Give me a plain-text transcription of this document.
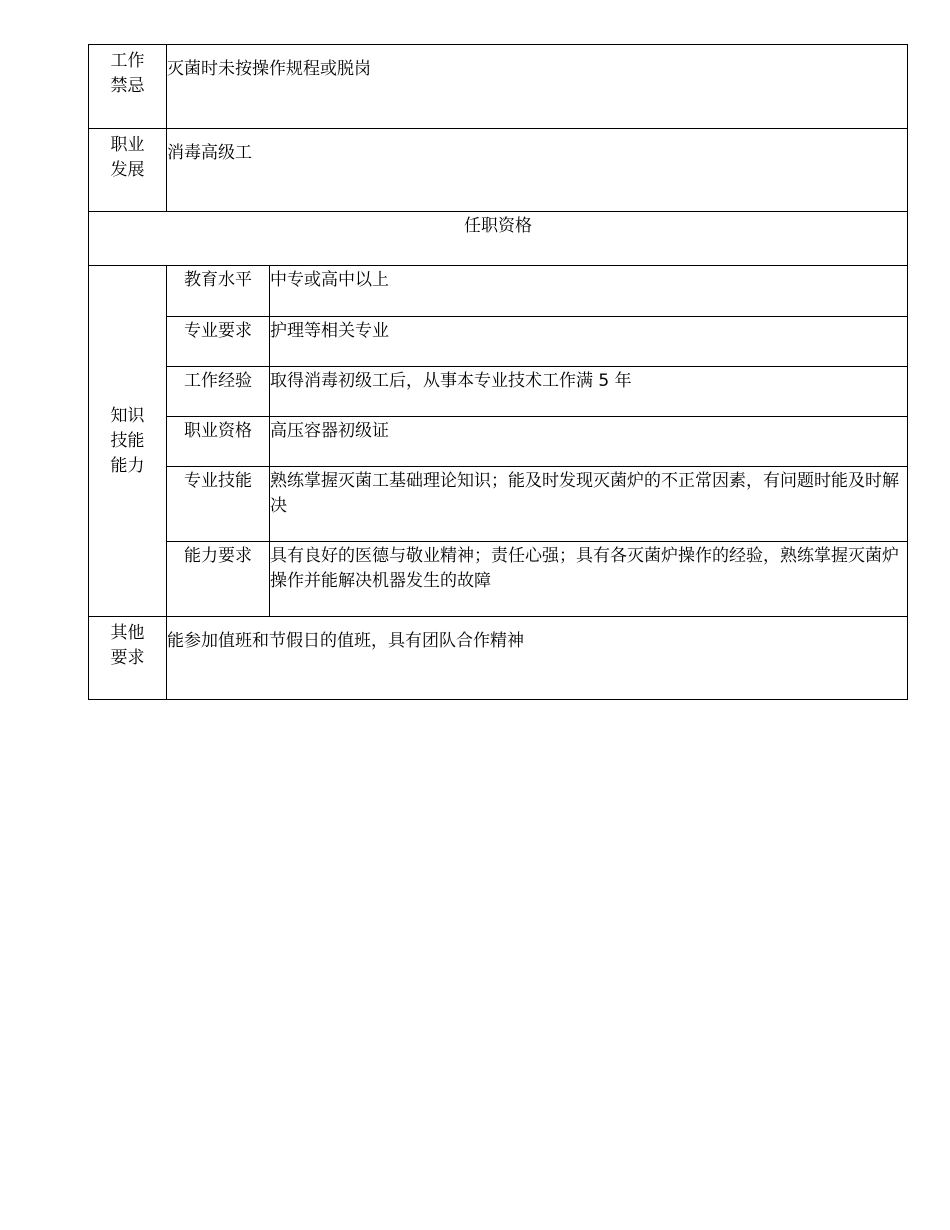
工作
禁忌	灭菌时未按操作规程或脱岗	

职业
发展	消毒高级工	
任职资格		

知识
技能
能力	教育水平	中专或高中以上
	专业要求	护理等相关专业
	工作经验	取得消毒初级工后，从事本专业技术工作满 5 年
	职业资格	高压容器初级证
	专业技能	熟练掌握灭菌工基础理论知识；能及时发现灭菌炉的不正常因素，有问题时能及时解决
	能力要求	具有良好的医德与敬业精神；责任心强；具有各灭菌炉操作的经验，熟练掌握灭菌炉操作并能解决机器发生的故障

其他
要求	能参加值班和节假日的值班，具有团队合作精神	
